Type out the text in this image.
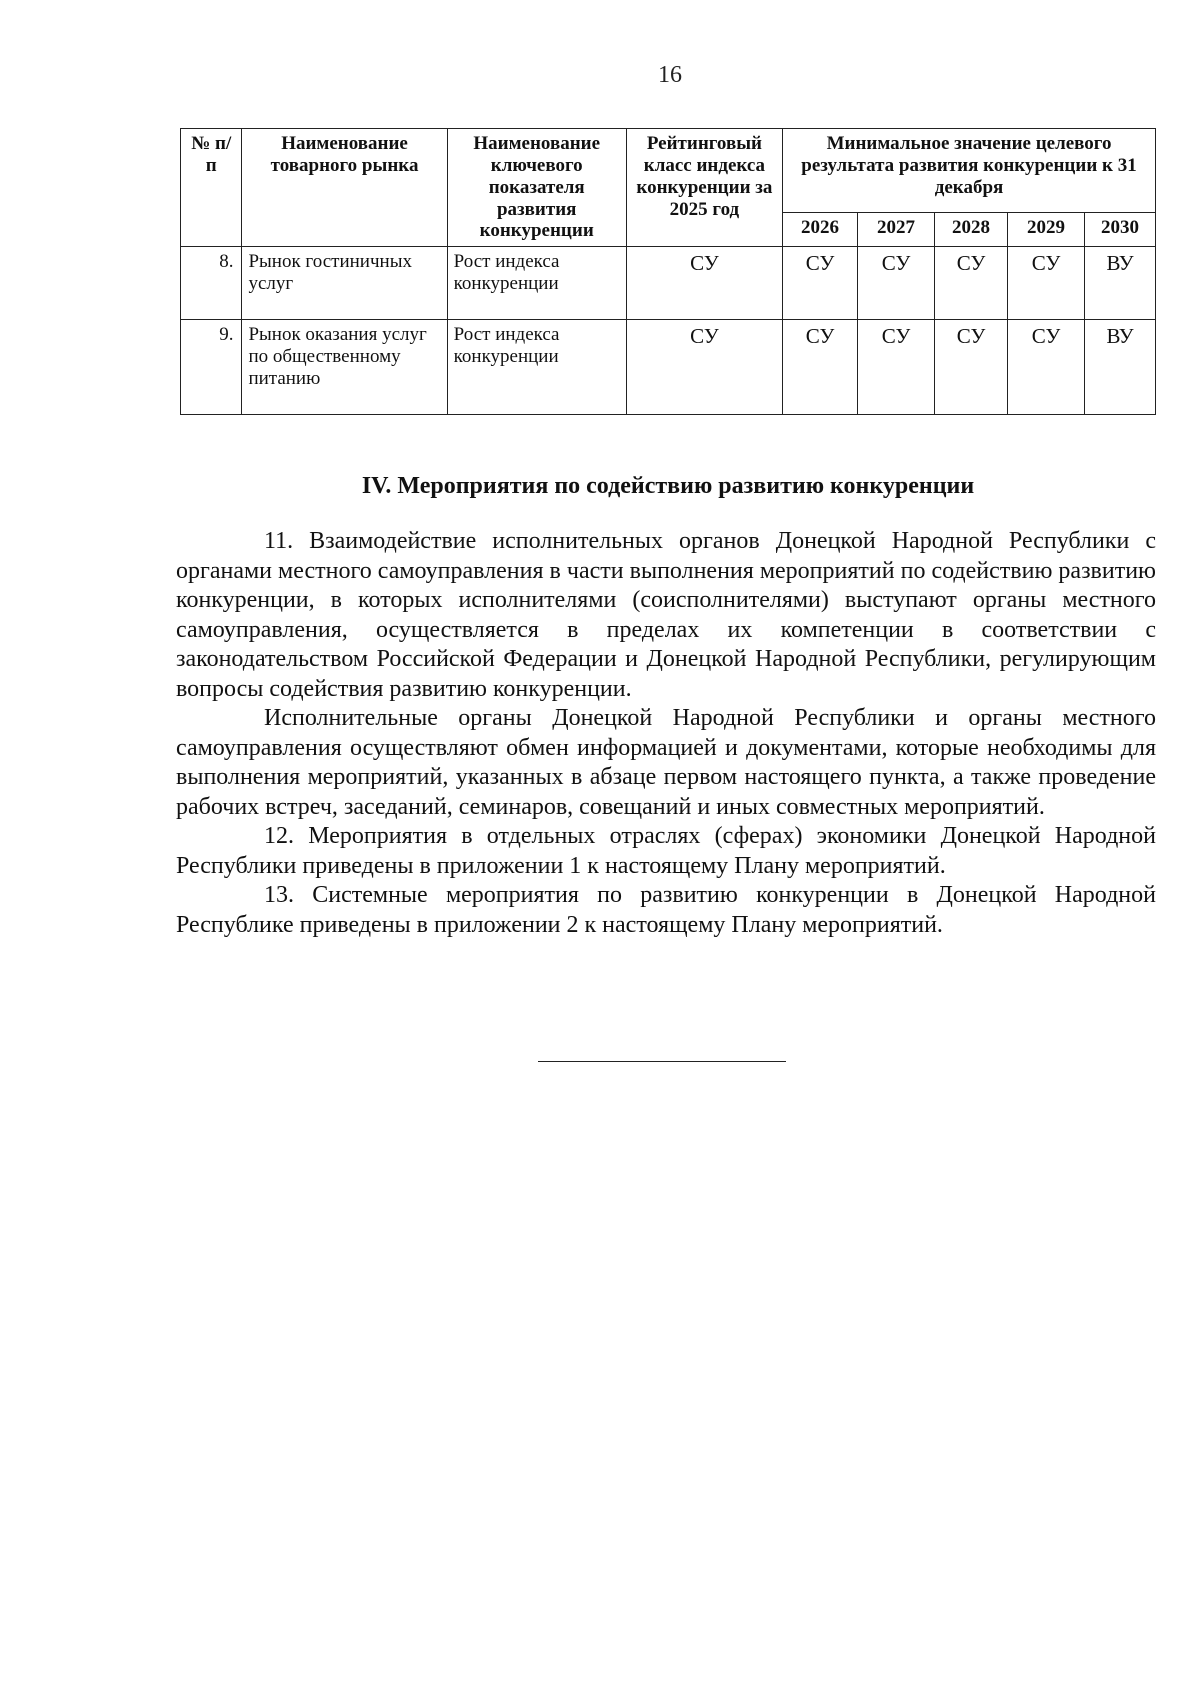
16
№ п/п	Наименование товарного рынка	Наименование ключевого показателя развития конкуренции	Рейтинговый класс индекса конкуренции за 2025 год	Минимальное значение целевого результата развития конкуренции к 31 декабря				
				2026	2027	2028	2029	2030
8.	Рынок гостиничных услуг	Рост индекса конкуренции	СУ	СУ	СУ	СУ	СУ	ВУ
9.	Рынок оказания услуг по общественному питанию	Рост индекса конкуренции	СУ	СУ	СУ	СУ	СУ	ВУ
IV. Мероприятия по содействию развитию конкуренции

11. Взаимодействие исполнительных органов Донецкой Народной Республики с органами местного самоуправления в части выполнения мероприятий по содействию развитию конкуренции, в которых исполнителями (соисполнителями) выступают органы местного самоуправления, осуществляется в пределах их компетенции в соответствии с законодательством Российской Федерации и Донецкой Народной Республики, регулирующим вопросы содействия развитию конкуренции.

Исполнительные органы Донецкой Народной Республики и органы местного самоуправления осуществляют обмен информацией и документами, которые необходимы для выполнения мероприятий, указанных в абзаце первом настоящего пункта, а также проведение рабочих встреч, заседаний, семинаров, совещаний и иных совместных мероприятий.

12. Мероприятия в отдельных отраслях (сферах) экономики Донецкой Народной Республики приведены в приложении 1 к настоящему Плану мероприятий.

13. Системные мероприятия по развитию конкуренции в Донецкой Народной Республике приведены в приложении 2 к настоящему Плану мероприятий.
